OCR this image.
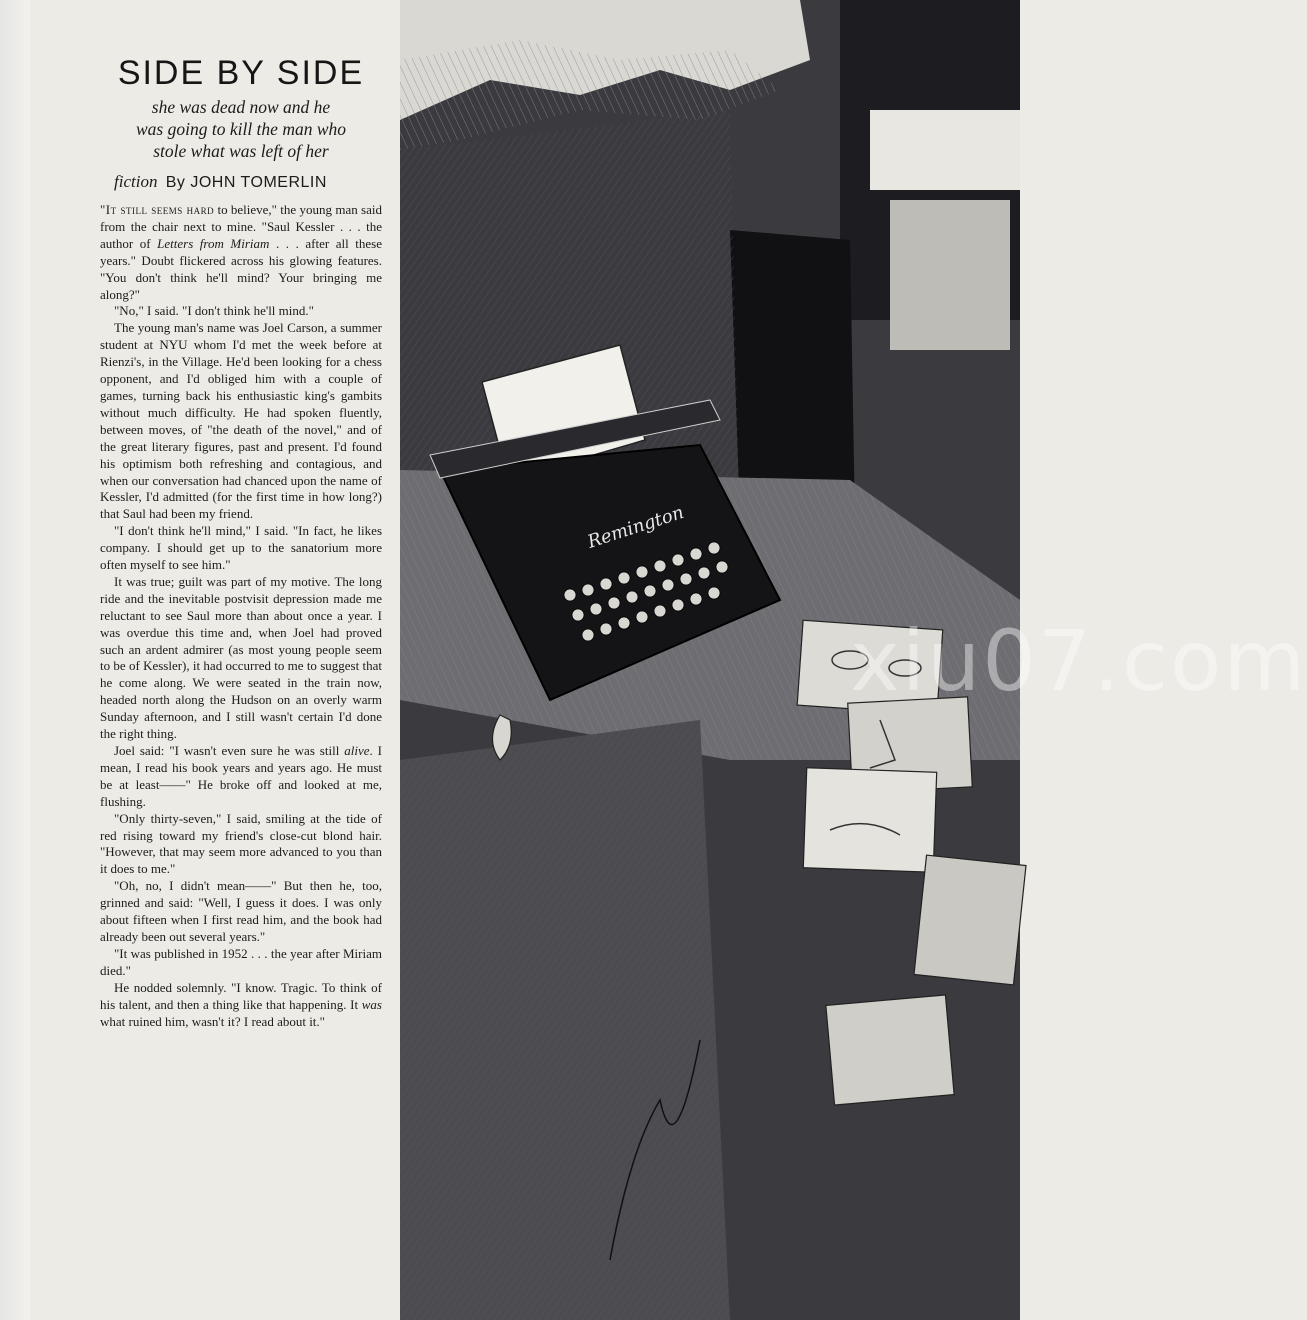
SIDE BY SIDE
she was dead now and he
was going to kill the man who
stole what was left of her
fiction By JOHN TOMERLIN

"It still seems hard to believe," the young man said from the chair next to mine. "Saul Kessler . . . the author of Letters from Miriam . . . after all these years." Doubt flickered across his glowing features. "You don't think he'll mind? Your bringing me along?"

"No," I said. "I don't think he'll mind."

The young man's name was Joel Carson, a summer student at NYU whom I'd met the week before at Rienzi's, in the Village. He'd been looking for a chess opponent, and I'd obliged him with a couple of games, turning back his enthusiastic king's gambits without much difficulty. He had spoken fluently, between moves, of "the death of the novel," and of the great literary figures, past and present. I'd found his optimism both refreshing and contagious, and when our conversation had chanced upon the name of Kessler, I'd admitted (for the first time in how long?) that Saul had been my friend.

"I don't think he'll mind," I said. "In fact, he likes company. I should get up to the sanatorium more often myself to see him."

It was true; guilt was part of my motive. The long ride and the inevitable postvisit depression made me reluctant to see Saul more than about once a year. I was overdue this time and, when Joel had proved such an ardent admirer (as most young people seem to be of Kessler), it had occurred to me to suggest that he come along. We were seated in the train now, headed north along the Hudson on an overly warm Sunday afternoon, and I still wasn't certain I'd done the right thing.

Joel said: "I wasn't even sure he was still alive. I mean, I read his book years and years ago. He must be at least——" He broke off and looked at me, flushing.

"Only thirty-seven," I said, smiling at the tide of red rising toward my friend's close-cut blond hair. "However, that may seem more advanced to you than it does to me."

"Oh, no, I didn't mean——" But then he, too, grinned and said: "Well, I guess it does. I was only about fifteen when I first read him, and the book had already been out several years."

"It was published in 1952 . . . the year after Miriam died."

He nodded solemnly. "I know. Tragic. To think of his talent, and then a thing like that happening. It was what ruined him, wasn't it? I read about it."

Remington
xiu07.com
